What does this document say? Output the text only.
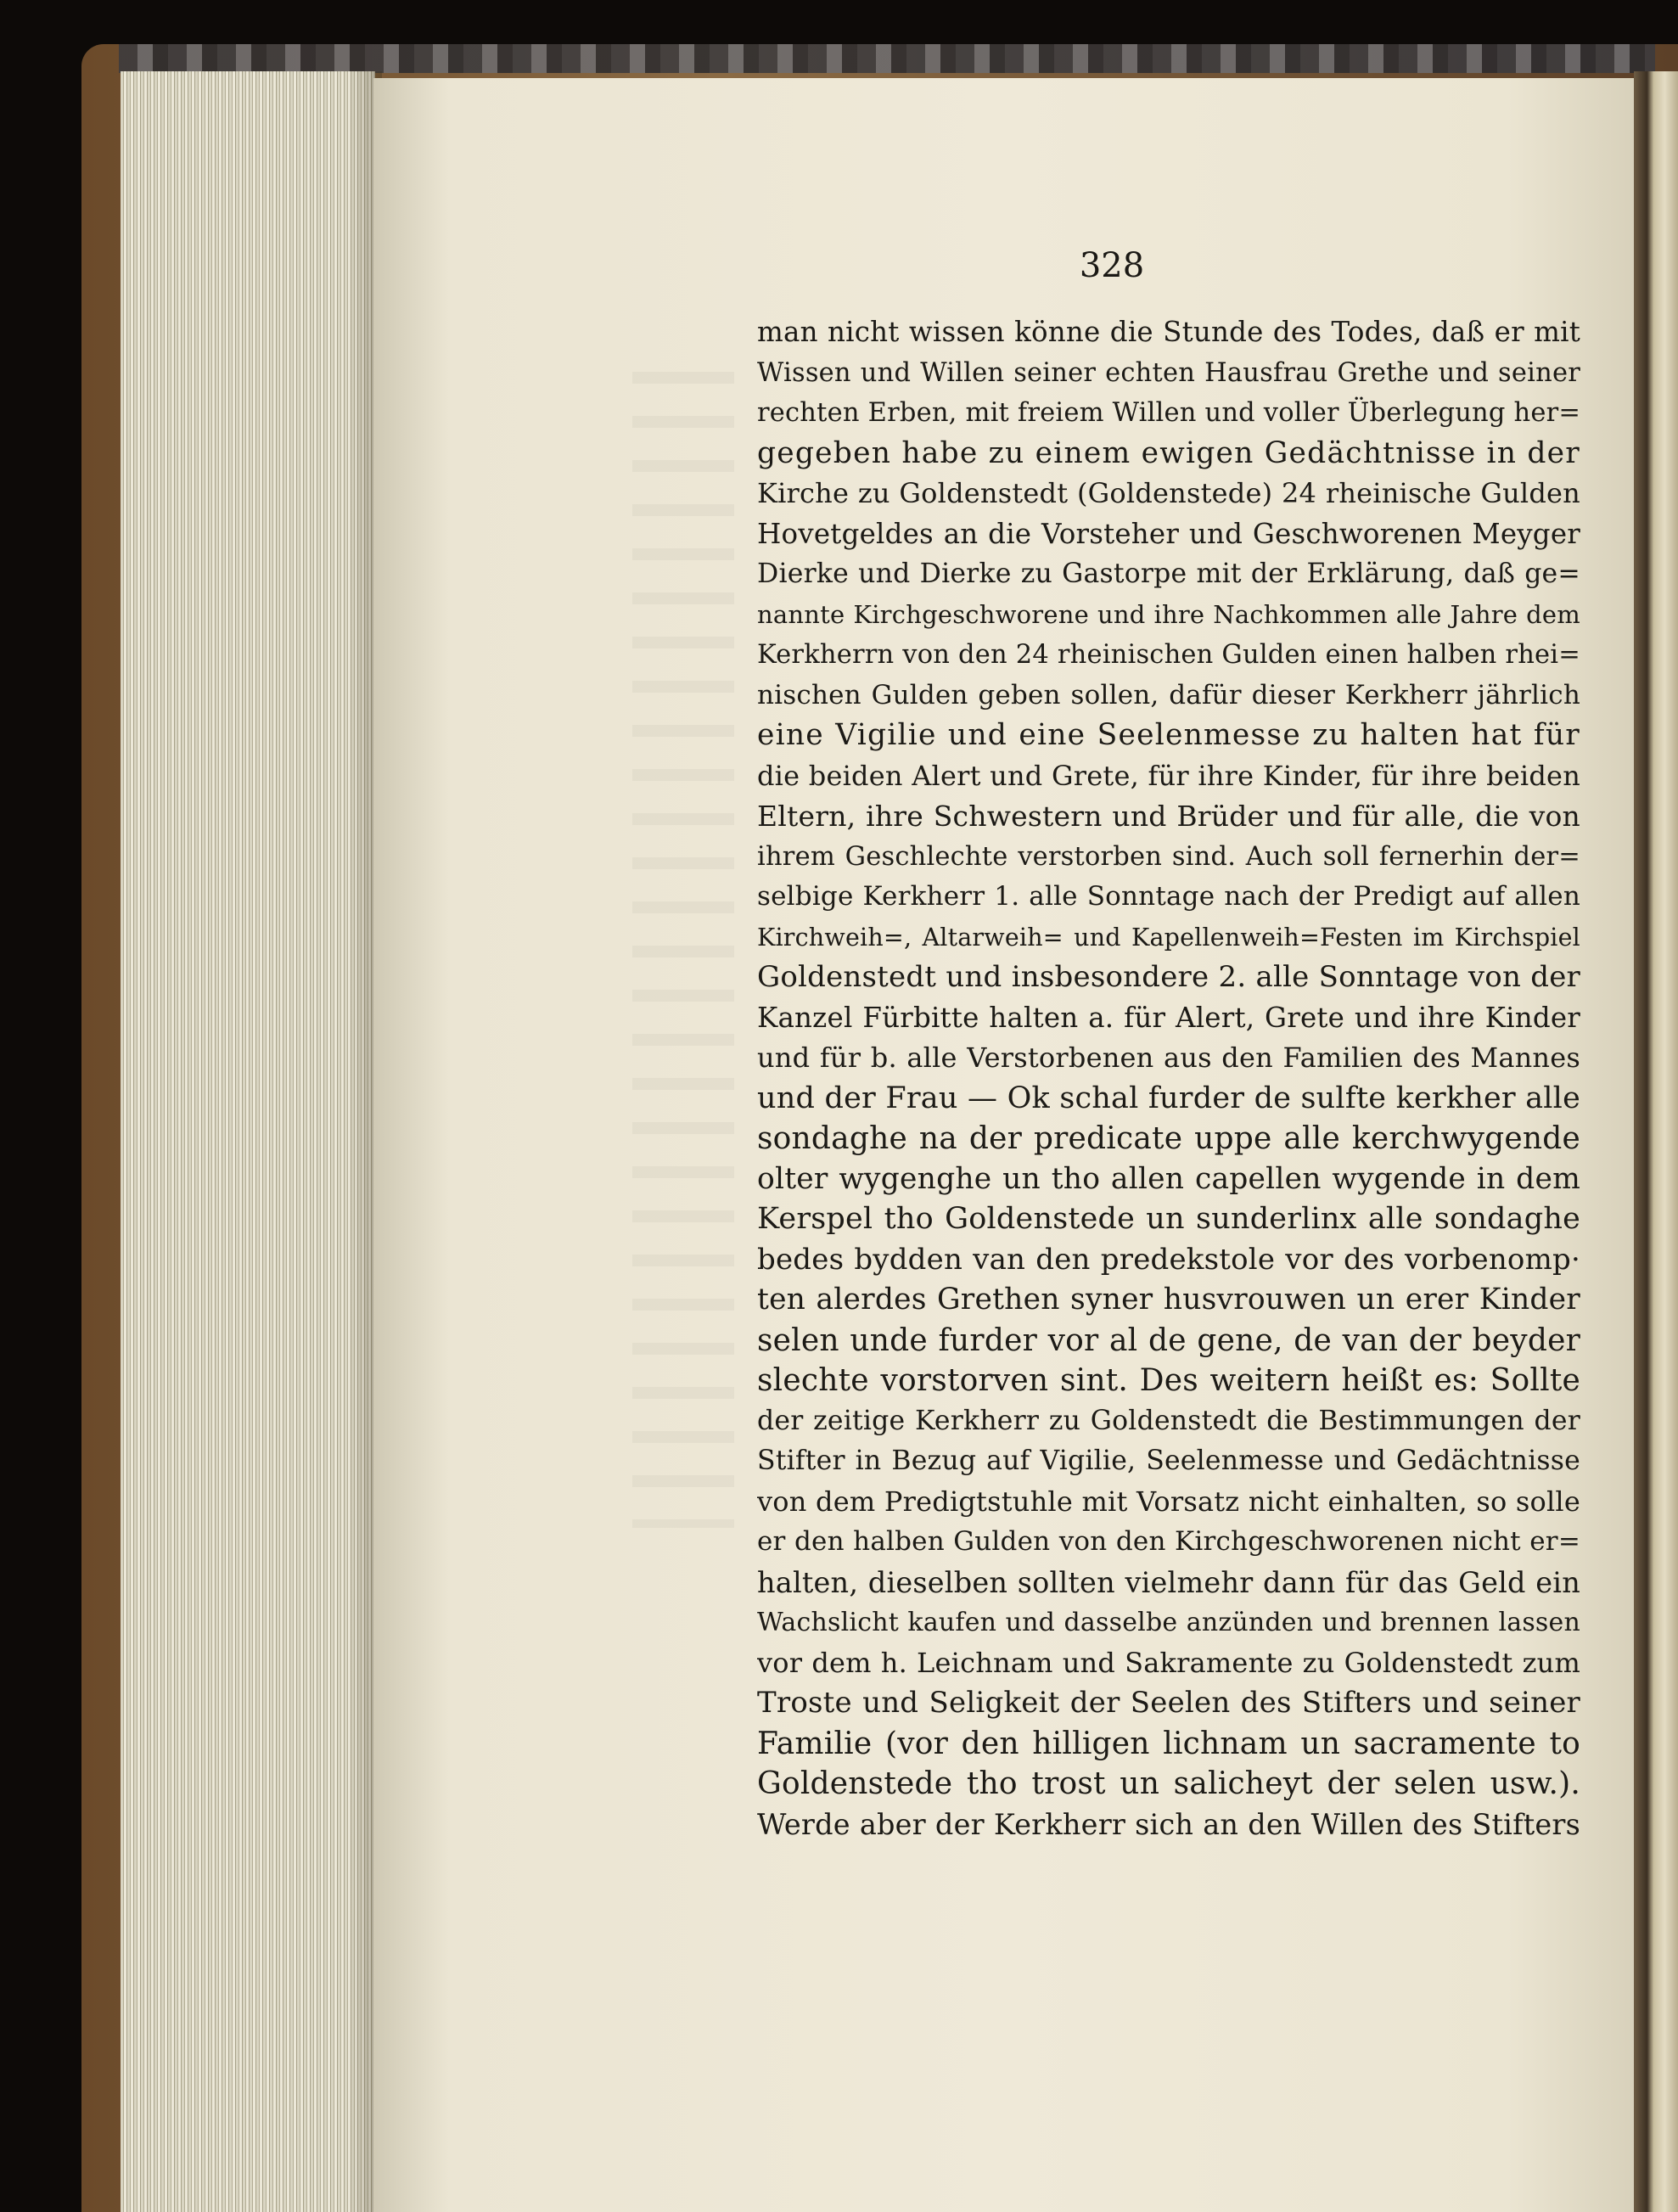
328
man nicht wissen könne die Stunde des Todes, daß er mit
Wissen und Willen seiner echten Hausfrau Grethe und seiner
rechten Erben, mit freiem Willen und voller Überlegung her=
gegeben habe zu einem ewigen Gedächtnisse in der
Kirche zu Goldenstedt (Goldenstede) 24 rheinische Gulden
Hovetgeldes an die Vorsteher und Geschworenen Meyger
Dierke und Dierke zu Gastorpe mit der Erklärung, daß ge=
nannte Kirchgeschworene und ihre Nachkommen alle Jahre dem
Kerkherrn von den 24 rheinischen Gulden einen halben rhei=
nischen Gulden geben sollen, dafür dieser Kerkherr jährlich
eine Vigilie und eine Seelenmesse zu halten hat für
die beiden Alert und Grete, für ihre Kinder, für ihre beiden
Eltern, ihre Schwestern und Brüder und für alle, die von
ihrem Geschlechte verstorben sind. Auch soll fernerhin der=
selbige Kerkherr 1. alle Sonntage nach der Predigt auf allen
Kirchweih=, Altarweih= und Kapellenweih=Festen im Kirchspiel
Goldenstedt und insbesondere 2. alle Sonntage von der
Kanzel Fürbitte halten a. für Alert, Grete und ihre Kinder
und für b. alle Verstorbenen aus den Familien des Mannes
und der Frau — Ok schal furder de sulfte kerkher alle
sondaghe na der predicate uppe alle kerchwygende
olter wygenghe un tho allen capellen wygende in dem
Kerspel tho Goldenstede un sunderlinx alle sondaghe
bedes bydden van den predekstole vor des vorbenomp·
ten alerdes Grethen syner husvrouwen un erer Kinder
selen unde furder vor al de gene, de van der beyder
slechte vorstorven sint. Des weitern heißt es: Sollte
der zeitige Kerkherr zu Goldenstedt die Bestimmungen der
Stifter in Bezug auf Vigilie, Seelenmesse und Gedächtnisse
von dem Predigtstuhle mit Vorsatz nicht einhalten, so solle
er den halben Gulden von den Kirchgeschworenen nicht er=
halten, dieselben sollten vielmehr dann für das Geld ein
Wachslicht kaufen und dasselbe anzünden und brennen lassen
vor dem h. Leichnam und Sakramente zu Goldenstedt zum
Troste und Seligkeit der Seelen des Stifters und seiner
Familie (vor den hilligen lichnam un sacramente to
Goldenstede tho trost un salicheyt der selen usw.).
Werde aber der Kerkherr sich an den Willen des Stifters
